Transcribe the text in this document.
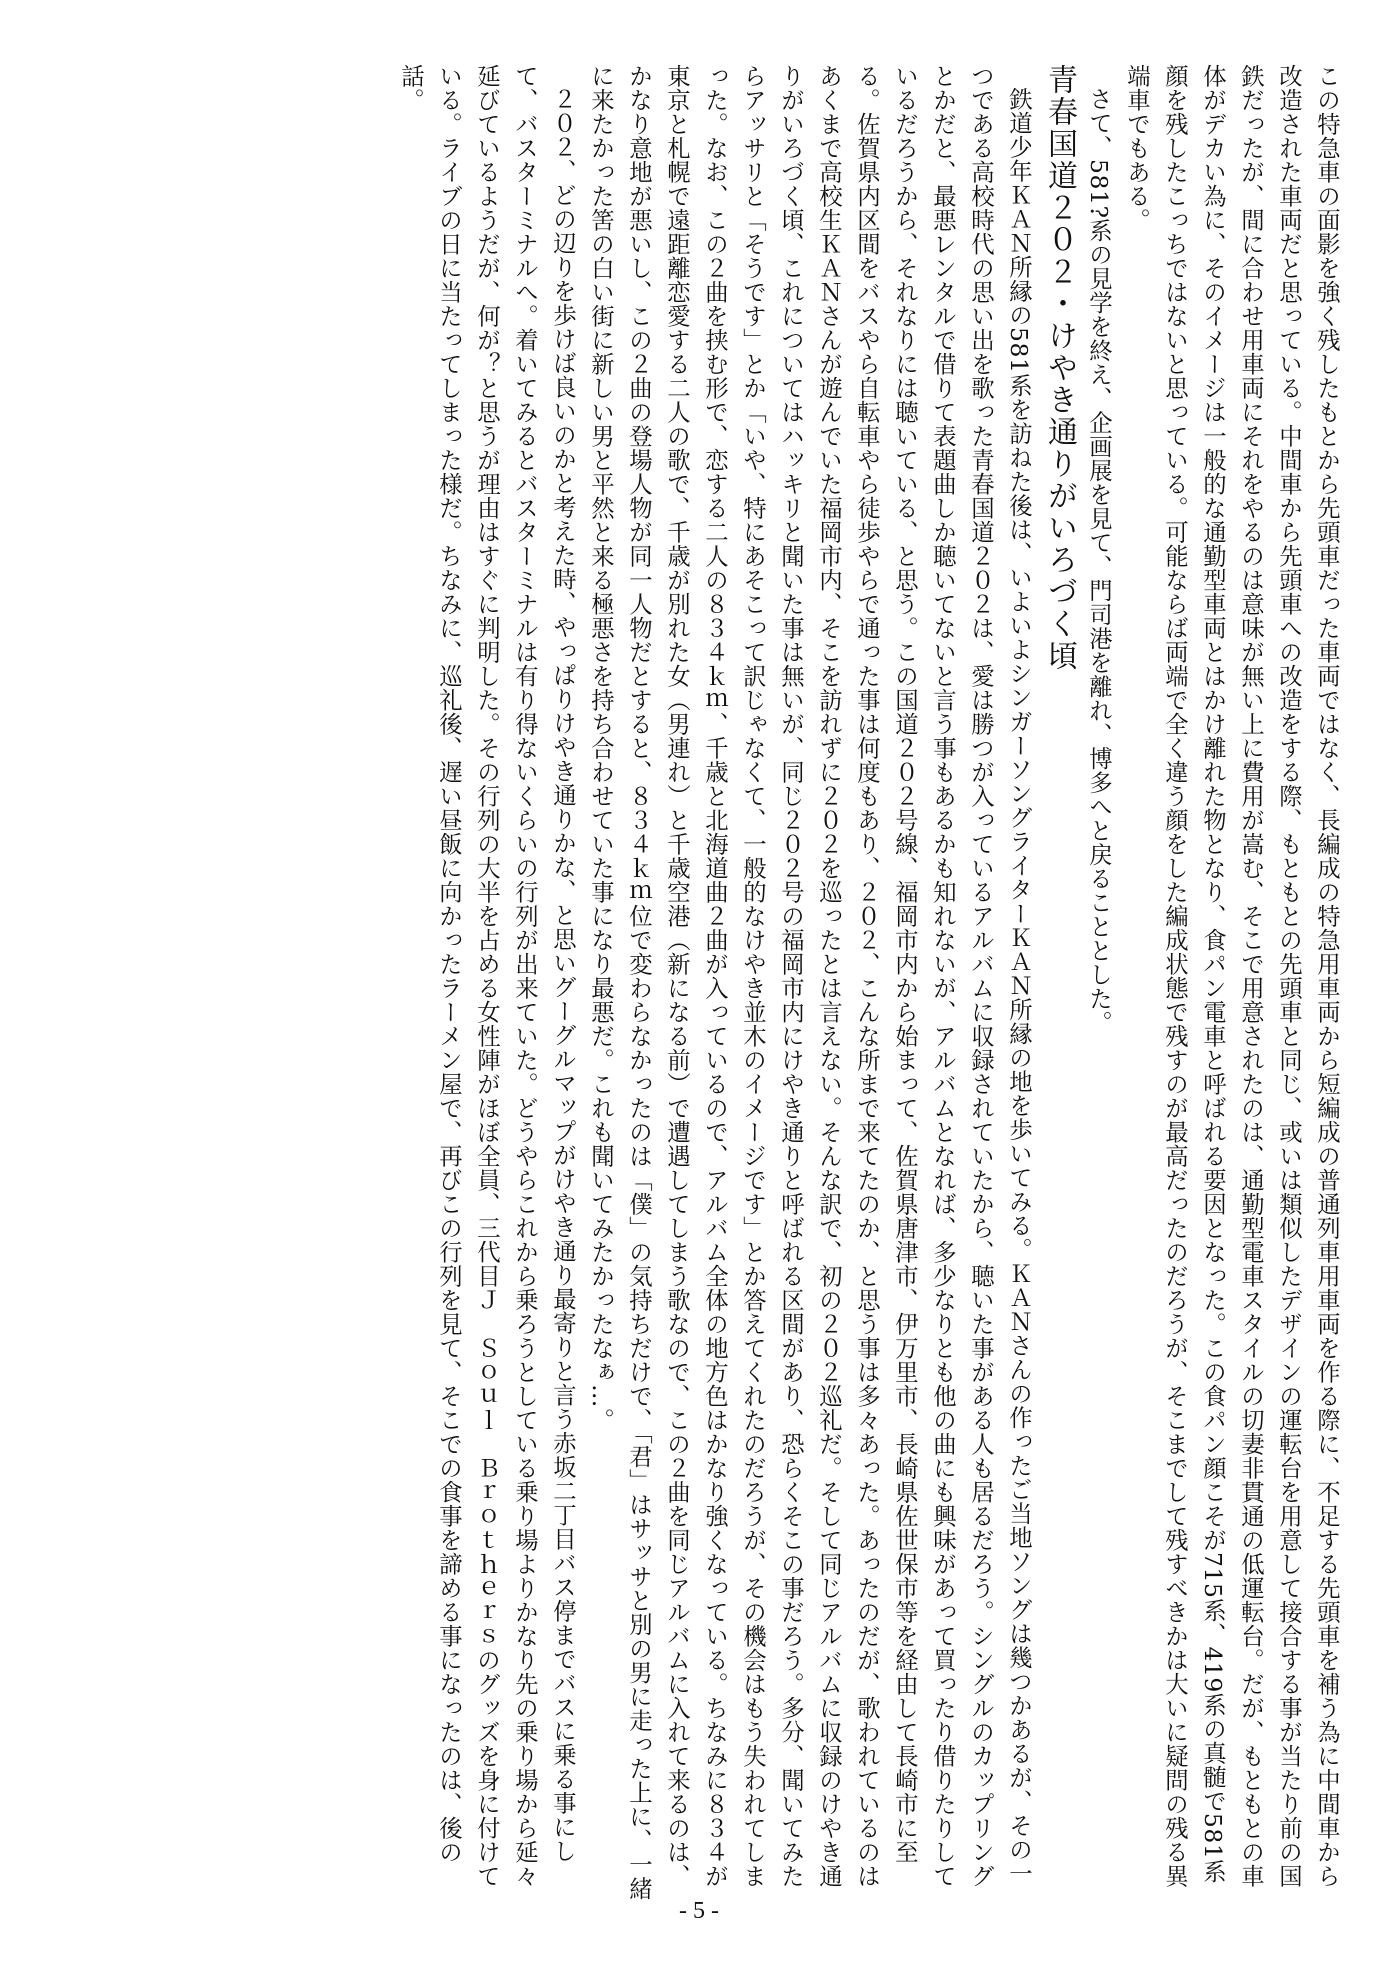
この特急車の面影を強く残したもとから先頭車だった車両ではなく、長編成の特急用車両から短編成の普通列車用車両を作る際に、不足する先頭車を補う為に中間車から改造された車両だと思っている。中間車から先頭車への改造をする際、もともとの先頭車と同じ、或いは類似したデザインの運転台を用意して接合する事が当たり前の国鉄だったが、間に合わせ用車両にそれをやるのは意味が無い上に費用が嵩む、そこで用意されたのは、通勤型電車スタイルの切妻非貫通の低運転台。だが、もともとの車体がデカい為に、そのイメージは一般的な通勤型車両とはかけ離れた物となり、食パン電車と呼ばれる要因となった。この食パン顔こそが715系、419系の真髄で581系顔を残したこっちではないと思っている。可能ならば両端で全く違う顔をした編成状態で残すのが最高だったのだろうが、そこまでして残すべきかは大いに疑問の残る異端車でもある。

さて、581?系の見学を終え、企画展を見て、門司港を離れ、博多へと戻ることとした。

青春国道２０２・けやき通りがいろづく頃

鉄道少年ＫＡＮ所縁の581系を訪ねた後は、いよいよシンガーソングライターＫＡＮ所縁の地を歩いてみる。ＫＡＮさんの作ったご当地ソングは幾つかあるが、その一つである高校時代の思い出を歌った青春国道２０２は、愛は勝つが入っているアルバムに収録されていたから、聴いた事がある人も居るだろう。シングルのカップリングとかだと、最悪レンタルで借りて表題曲しか聴いてないと言う事もあるかも知れないが、アルバムとなれば、多少なりとも他の曲にも興味があって買ったり借りたりしているだろうから、それなりには聴いている、と思う。この国道２０２号線、福岡市内から始まって、佐賀県唐津市、伊万里市、長崎県佐世保市等を経由して長崎市に至る。佐賀県内区間をバスやら自転車やら徒歩やらで通った事は何度もあり、２０２、こんな所まで来てたのか、と思う事は多々あった。あったのだが、歌われているのはあくまで高校生ＫＡＮさんが遊んでいた福岡市内、そこを訪れずに２０２を巡ったとは言えない。そんな訳で、初の２０２巡礼だ。そして同じアルバムに収録のけやき通りがいろづく頃、これについてはハッキリと聞いた事は無いが、同じ２０２号の福岡市内にけやき通りと呼ばれる区間があり、恐らくそこの事だろう。多分、聞いてみたらアッサリと「そうです」とか「いや、特にあそこって訳じゃなくて、一般的なけやき並木のイメージです」とか答えてくれたのだろうが、その機会はもう失われてしまった。なお、この２曲を挟む形で、恋する二人の８３４ｋｍ、千歳と北海道曲２曲が入っているので、アルバム全体の地方色はかなり強くなっている。ちなみに８３４が東京と札幌で遠距離恋愛する二人の歌で、千歳が別れた女（男連れ）と千歳空港（新になる前）で遭遇してしまう歌なので、この２曲を同じアルバムに入れて来るのは、かなり意地が悪いし、この２曲の登場人物が同一人物だとすると、８３４ｋｍ位で変わらなかったのは「僕」の気持ちだけで、「君」はサッサと別の男に走った上に、一緒に来たかった筈の白い街に新しい男と平然と来る極悪さを持ち合わせていた事になり最悪だ。これも聞いてみたかったなぁ…。

２０２、どの辺りを歩けば良いのかと考えた時、やっぱりけやき通りかな、と思いグーグルマップがけやき通り最寄りと言う赤坂二丁目バス停までバスに乗る事にして、バスターミナルへ。着いてみるとバスターミナルは有り得ないくらいの行列が出来ていた。どうやらこれから乗ろうとしている乗り場よりかなり先の乗り場から延々延びているようだが、何が？と思うが理由はすぐに判明した。その行列の大半を占める女性陣がほぼ全員、三代目Ｊ　Ｓｏｕｌ　Ｂｒｏｔｈｅｒｓのグッズを身に付けている。ライブの日に当たってしまった様だ。ちなみに、巡礼後、遅い昼飯に向かったラーメン屋で、再びこの行列を見て、そこでの食事を諦める事になったのは、後の話。

- 5 -
